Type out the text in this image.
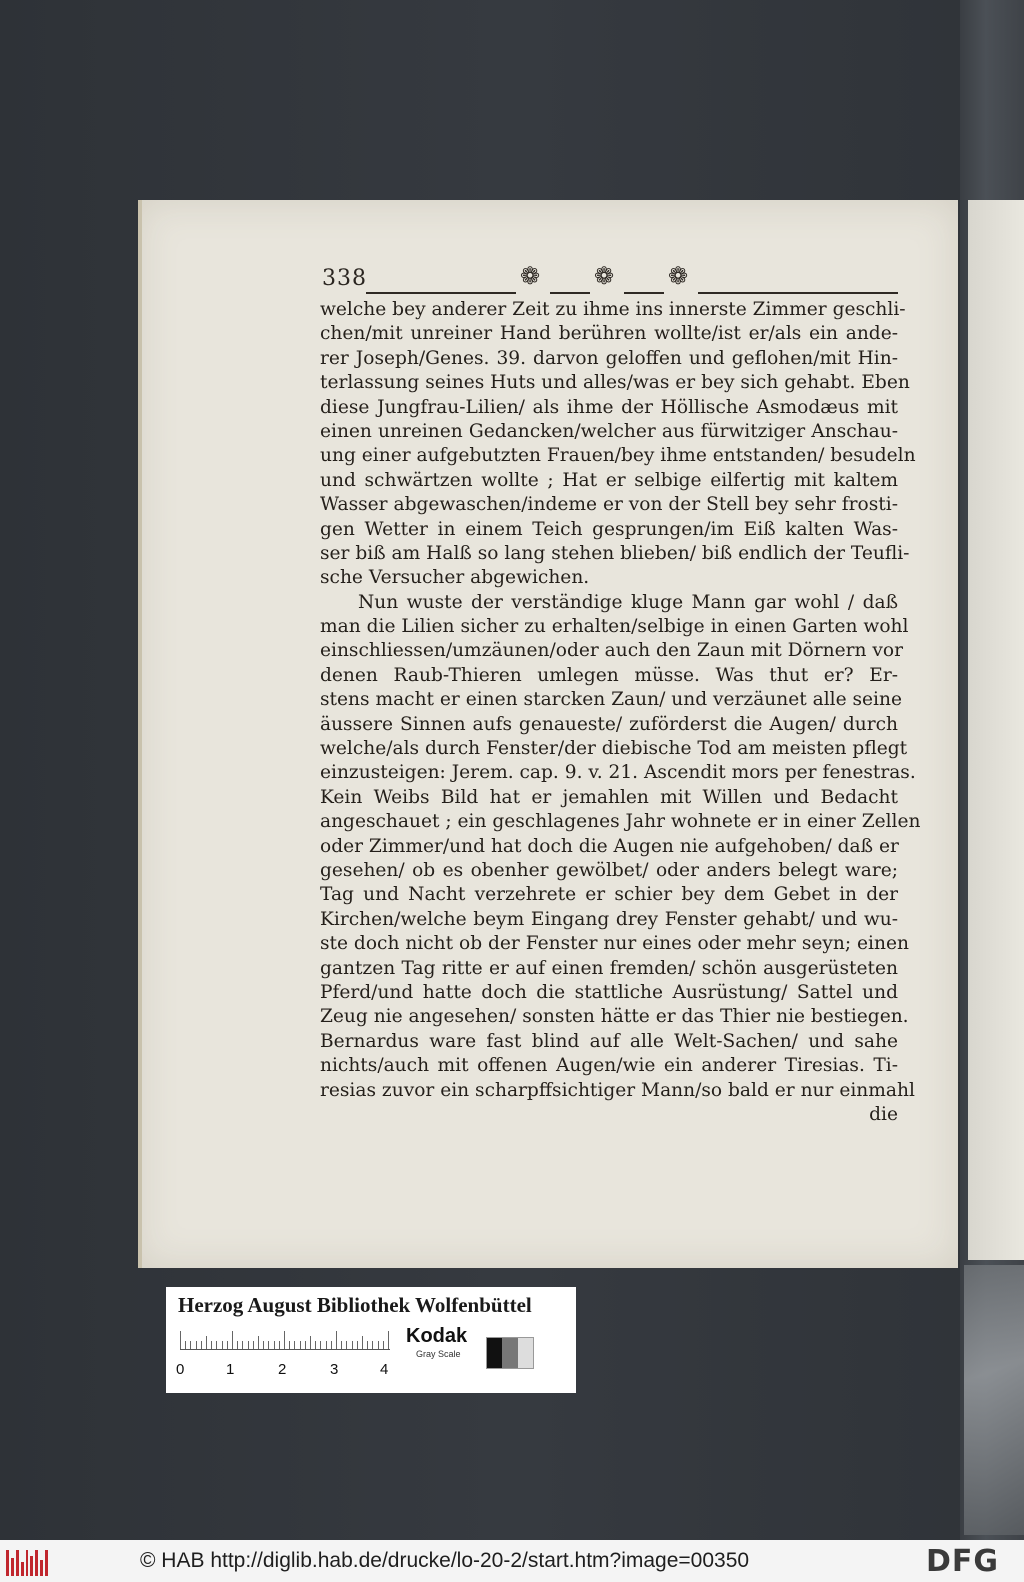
338	❁ ❁ ❁
welche bey anderer Zeit zu ihme ins innerste Zimmer geschli-
chen/mit unreiner Hand berühren wollte/ist er/als ein ande-
rer Joseph/Genes. 39. darvon geloffen und geflohen/mit Hin-
terlassung seines Huts und alles/was er bey sich gehabt. Eben
diese Jungfrau-Lilien/ als ihme der Höllische Asmodæus mit
einen unreinen Gedancken/welcher aus fürwitziger Anschau-
ung einer aufgebutzten Frauen/bey ihme entstanden/ besudeln
und schwärtzen wollte ; Hat er selbige eilfertig mit kaltem
Wasser abgewaschen/indeme er von der Stell bey sehr frosti-
gen Wetter in einem Teich gesprungen/im Eiß kalten Was-
ser biß am Halß so lang stehen blieben/ biß endlich der Teufli-
sche Versucher abgewichen.
Nun wuste der verständige kluge Mann gar wohl / daß
man die Lilien sicher zu erhalten/selbige in einen Garten wohl
einschliessen/umzäunen/oder auch den Zaun mit Dörnern vor
denen Raub-Thieren umlegen müsse. Was thut er? Er-
stens macht er einen starcken Zaun/ und verzäunet alle seine
äussere Sinnen aufs genaueste/ zuförderst die Augen/ durch
welche/als durch Fenster/der diebische Tod am meisten pflegt
einzusteigen: Jerem. cap. 9. v. 21. Ascendit mors per fenestras.
Kein Weibs Bild hat er jemahlen mit Willen und Bedacht
angeschauet ; ein geschlagenes Jahr wohnete er in einer Zellen
oder Zimmer/und hat doch die Augen nie aufgehoben/ daß er
gesehen/ ob es obenher gewölbet/ oder anders belegt ware;
Tag und Nacht verzehrete er schier bey dem Gebet in der
Kirchen/welche beym Eingang drey Fenster gehabt/ und wu-
ste doch nicht ob der Fenster nur eines oder mehr seyn; einen
gantzen Tag ritte er auf einen fremden/ schön ausgerüsteten
Pferd/und hatte doch die stattliche Ausrüstung/ Sattel und
Zeug nie angesehen/ sonsten hätte er das Thier nie bestiegen.
Bernardus ware fast blind auf alle Welt-Sachen/ und sahe
nichts/auch mit offenen Augen/wie ein anderer Tiresias. Ti-
resias zuvor ein scharpffsichtiger Mann/so bald er nur einmahl
die
Herzog August Bibliothek Wolfenbüttel
0	1	2	3	4
Kodak
Gray Scale
© HAB http://diglib.hab.de/drucke/lo-20-2/start.htm?image=00350	DFG
